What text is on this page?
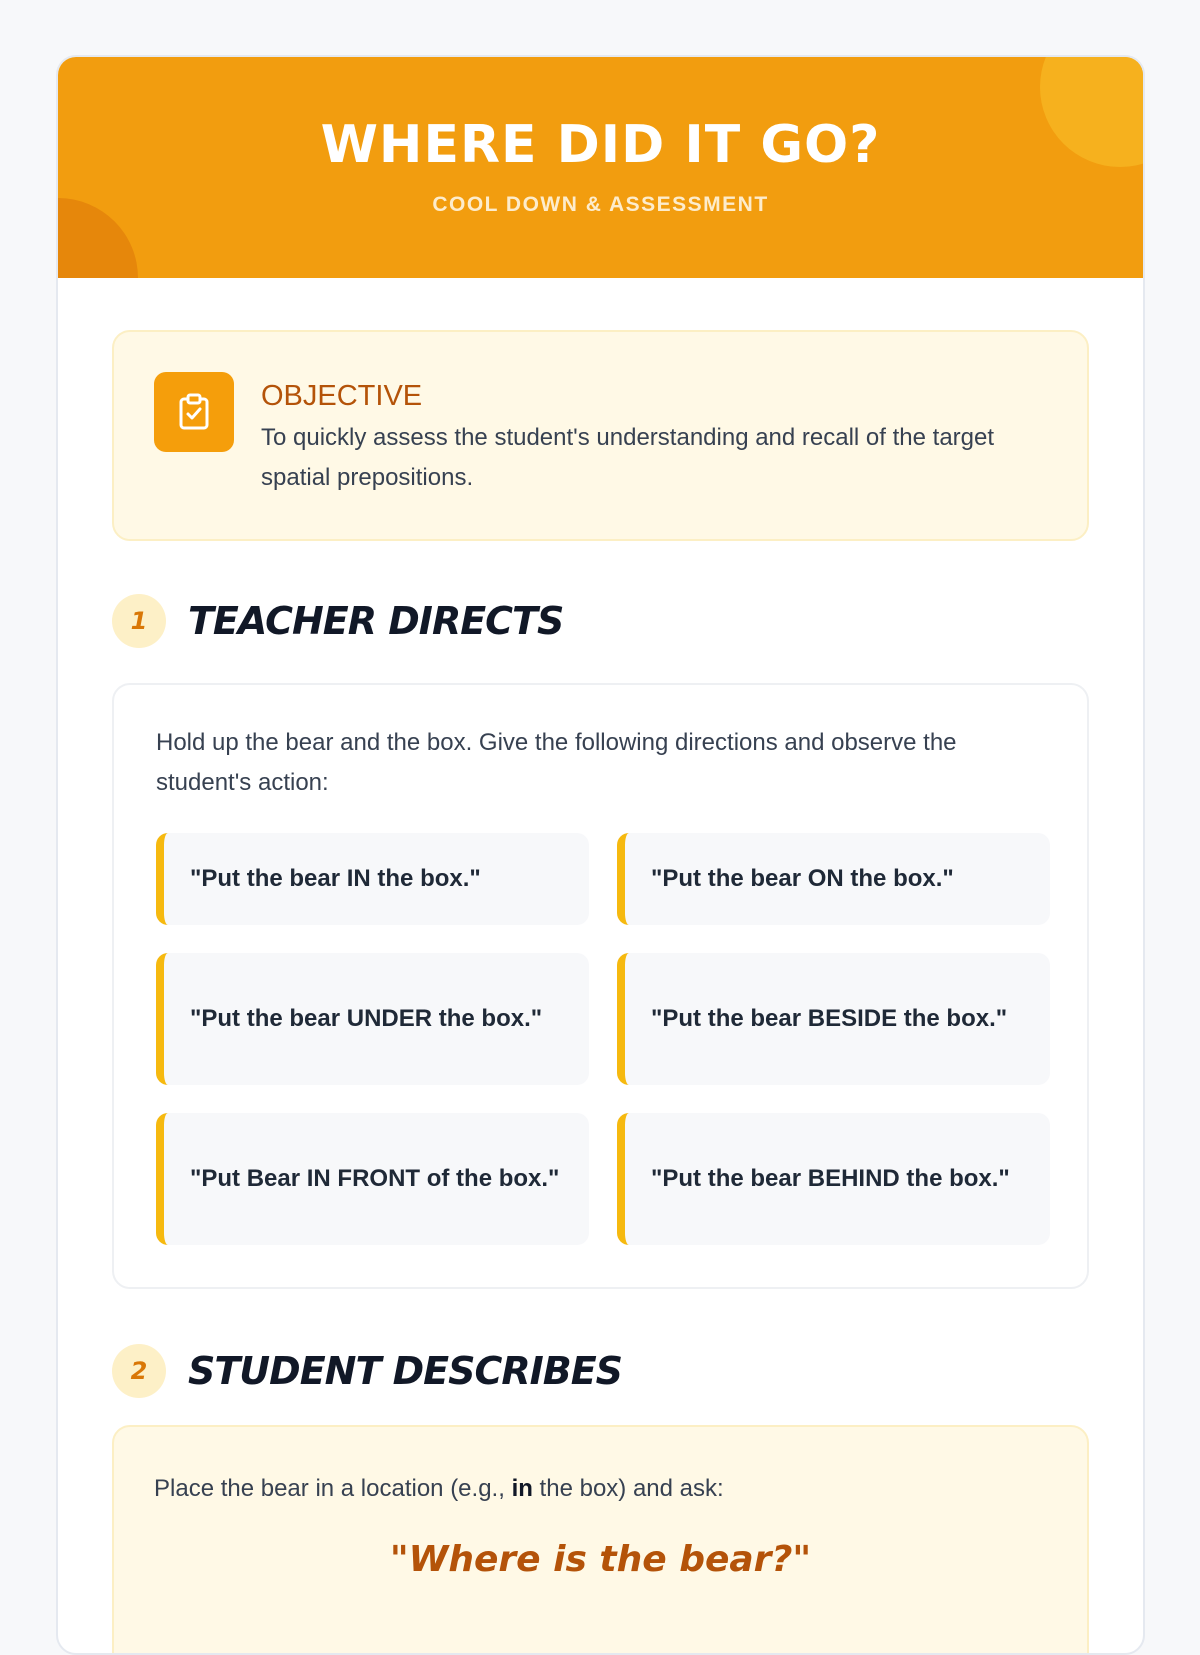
WHERE DID IT GO?
COOL DOWN & ASSESSMENT
OBJECTIVE
To quickly assess the student's understanding and recall of the target spatial prepositions.
1	TEACHER DIRECTS
Hold up the bear and the box. Give the following directions and observe the student's action:
"Put the bear IN the box."	"Put the bear ON the box."
"Put the bear UNDER the box."	"Put the bear BESIDE the box."
"Put Bear IN FRONT of the box."	"Put the bear BEHIND the box."
2	STUDENT DESCRIBES
Place the bear in a location (e.g., in the box) and ask:
"Where is the bear?"
